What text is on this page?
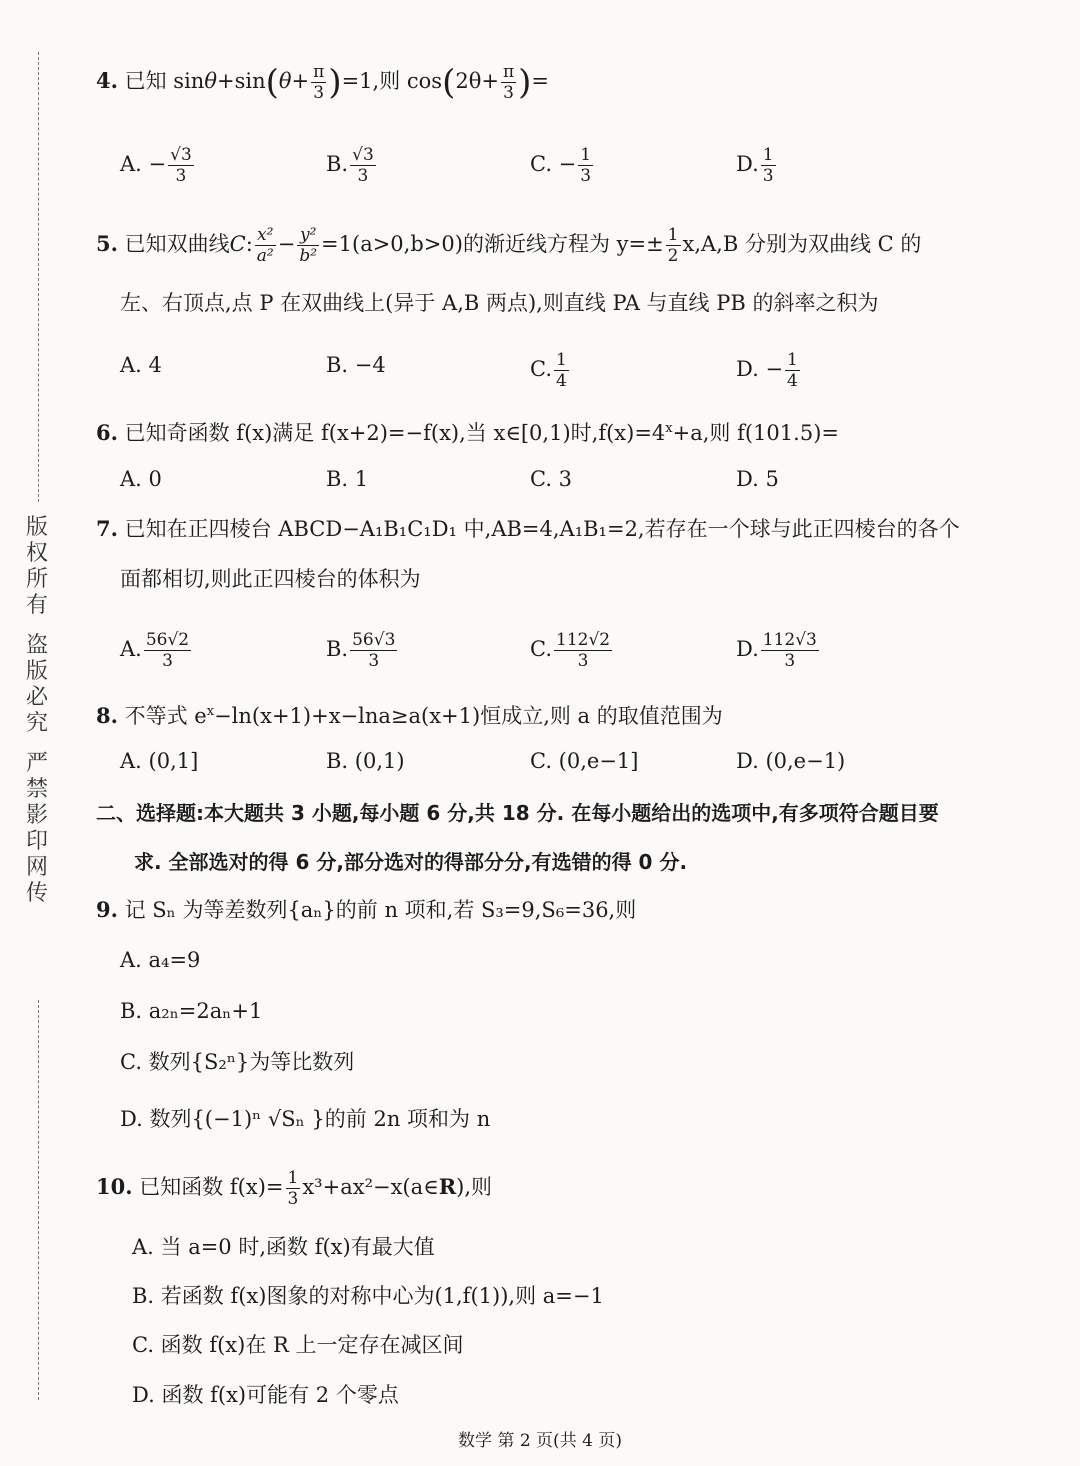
版
权
所
有
盗
版
必
究
严
禁
影
印
网
传
4. 已知 $\sin\theta+\sin(\theta+ \frac{\pi}{3} )=1$,则 $\cos(2\theta+ \frac{\pi}{3}$ )=
A. − $\frac{√3}{3}$	B. $\frac{√3}{3}$	C. − $\frac{1}{3}$	D. $\frac{1}{3}$
5. 已知双曲线C: $\frac{\text{x²}}{\text{a²}} - \frac{\text{y²}}{\text{b²}} =1(a>0,b>0)$的渐近线方程为 $y=\pm \frac{1}{2} x,A,B$ 分别为双曲线 C 的
左、右顶点,点 P 在双曲线上(异于 A,B 两点),则直线 PA 与直线 PB 的斜率之积为
A. 4	B. −4	C. $\frac{1}{4}$	D. − $\frac{1}{4}$
6. 已知奇函数 f(x)满足 f(x+2)=−f(x),当 x∈[0,1)时$,f(x)=4^x+a$,则 f(101.5)=
A. 0	B. 1	C. 3	D. 5
7. 已知在正四棱台 ABCD−A₁B₁C₁D₁ 中,AB=4,A₁B₁=2,若存在一个球与此正四棱台的各个
面都相切,则此正四棱台的体积为
A. $\frac{56√2}{3}$	B. $\frac{56√3}{3}$	C. $\frac{112√2}{3}$	D. $\frac{112√3}{3}$
8. 不等式 $e^x-\ln(x+1)+x-\ln a\ge a(x+1)$恒成立,则 a 的取值范围为
A. (0,1]	B. (0,1)	C. (0,e−1]	D. (0,e−1)
二、选择题:本大题共 3 小题,每小题 6 分,共 18 分. 在每小题给出的选项中,有多项符合题目要
求. 全部选对的得 6 分,部分选对的得部分分,有选错的得 0 分.
9. 记 Sₙ 为等差数列{aₙ}的前 n 项和,若 S₃=9,S₆=36,则
A. a₄=9
B. a₂ₙ=2aₙ+1
C. 数列{S₂ⁿ}为等比数列
D. 数列{(−1)ⁿ √Sₙ }的前 2n 项和为 n
10. 已知函数 $f(x)= \frac{1}{3}$ x³+ax²−x(a∈R),则
A. 当 a=0 时,函数 f(x)有最大值
B. 若函数 f(x)图象的对称中心为(1,f(1)),则 a=−1
C. 函数 f(x)在 R 上一定存在减区间
D. 函数 f(x)可能有 2 个零点
数学 第 2 页(共 4 页)
